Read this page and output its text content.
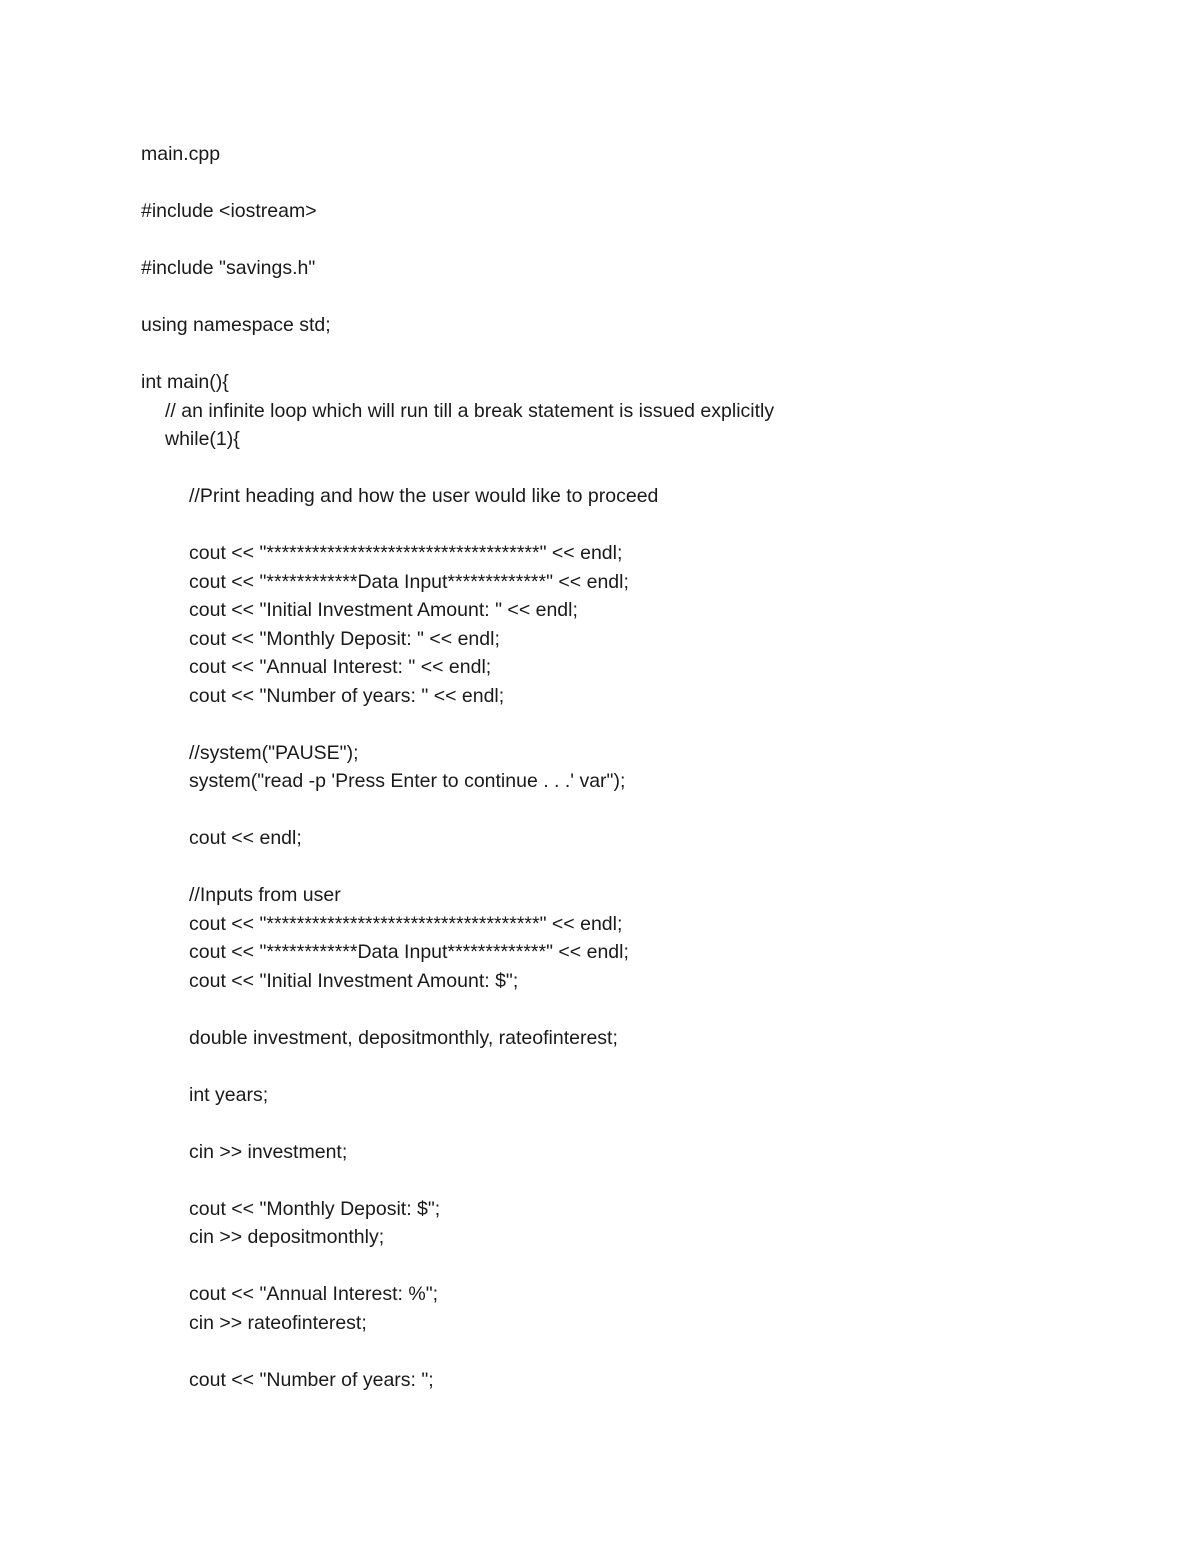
main.cpp
#include <iostream>
#include "savings.h"
using namespace std;
int main(){
// an infinite loop which will run till a break statement is issued explicitly
while(1){
//Print heading and how the user would like to proceed
cout << "************************************" << endl;
cout << "************Data Input*************" << endl;
cout << "Initial Investment Amount: " << endl;
cout << "Monthly Deposit: " << endl;
cout << "Annual Interest: " << endl;
cout << "Number of years: " << endl;
//system("PAUSE");
system("read -p 'Press Enter to continue . . .' var");
cout << endl;
//Inputs from user
cout << "************************************" << endl;
cout << "************Data Input*************" << endl;
cout << "Initial Investment Amount: $";
double investment, depositmonthly, rateofinterest;
int years;
cin >> investment;
cout << "Monthly Deposit: $";
cin >> depositmonthly;
cout << "Annual Interest: %";
cin >> rateofinterest;
cout << "Number of years: ";
